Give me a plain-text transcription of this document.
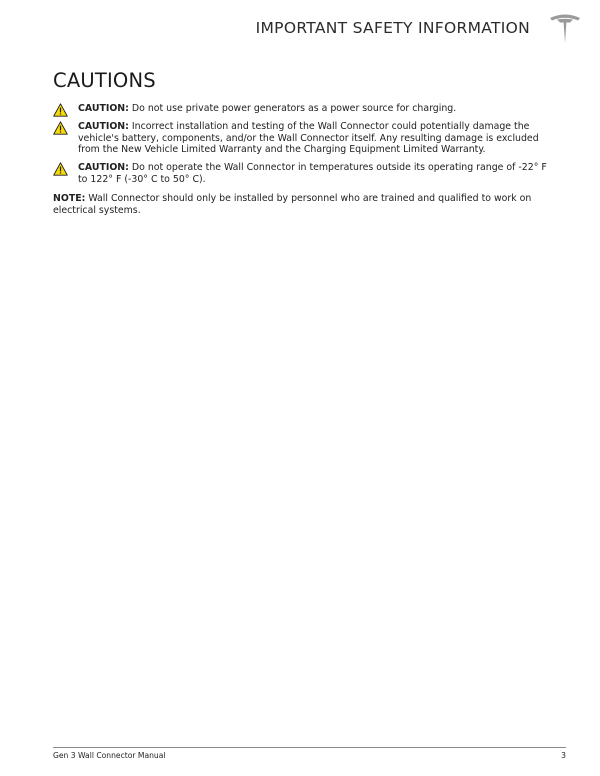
IMPORTANT SAFETY INFORMATION
CAUTIONS
CAUTION: Do not use private power generators as a power source for charging.
CAUTION: Incorrect installation and testing of the Wall Connector could potentially damage the vehicle's battery, components, and/or the Wall Connector itself. Any resulting damage is excluded from the New Vehicle Limited Warranty and the Charging Equipment Limited Warranty.
CAUTION: Do not operate the Wall Connector in temperatures outside its operating range of -22° F to 122° F (-30° C to 50° C).
NOTE: Wall Connector should only be installed by personnel who are trained and qualified to work on electrical systems.
Gen 3 Wall Connector Manual	3
